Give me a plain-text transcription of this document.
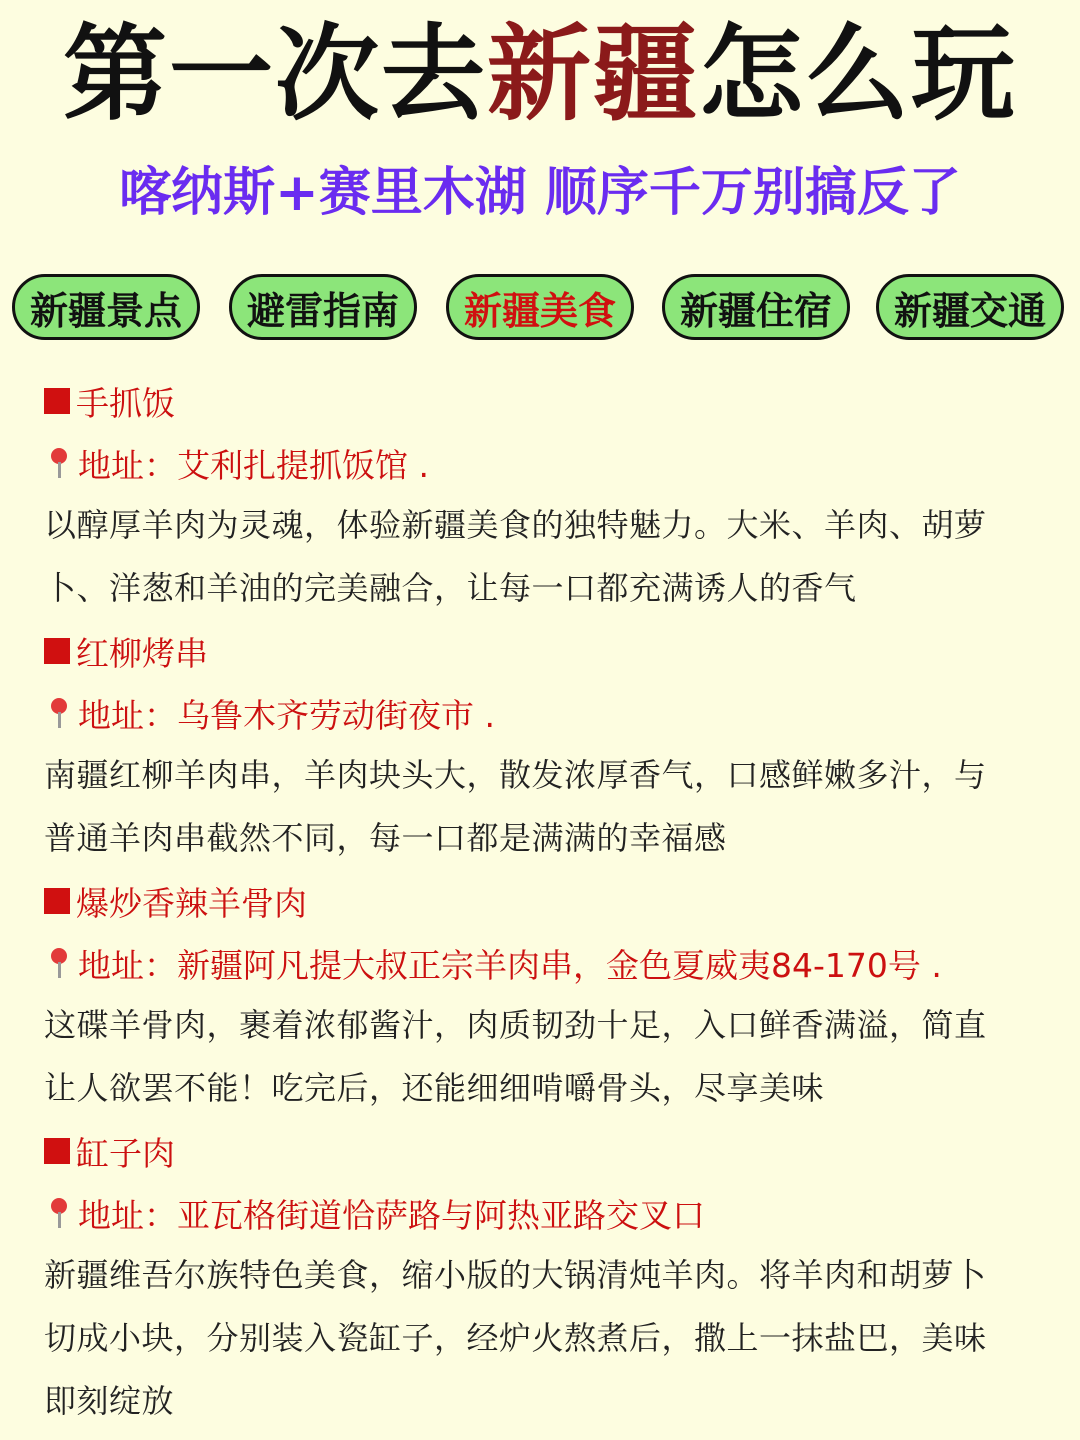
第一次去新疆怎么玩
喀纳斯+赛里木湖 顺序千万别搞反了
新疆景点	避雷指南	新疆美食	新疆住宿	新疆交通
手抓饭
地址：艾利扎提抓饭馆 .

以醇厚羊肉为灵魂，体验新疆美食的独特魅力。大米、羊肉、胡萝
卜、洋葱和羊油的完美融合，让每一口都充满诱人的香气

红柳烤串
地址：乌鲁木齐劳动街夜市 .

南疆红柳羊肉串，羊肉块头大，散发浓厚香气，口感鲜嫩多汁，与
普通羊肉串截然不同，每一口都是满满的幸福感

爆炒香辣羊骨肉
地址：新疆阿凡提大叔正宗羊肉串，金色夏威夷84-170号 .

这碟羊骨肉，裹着浓郁酱汁，肉质韧劲十足，入口鲜香满溢，简直
让人欲罢不能！吃完后，还能细细啃嚼骨头，尽享美味

缸子肉
地址：亚瓦格街道恰萨路与阿热亚路交叉口

新疆维吾尔族特色美食，缩小版的大锅清炖羊肉。将羊肉和胡萝卜
切成小块，分别装入瓷缸子，经炉火熬煮后，撒上一抹盐巴，美味
即刻绽放
